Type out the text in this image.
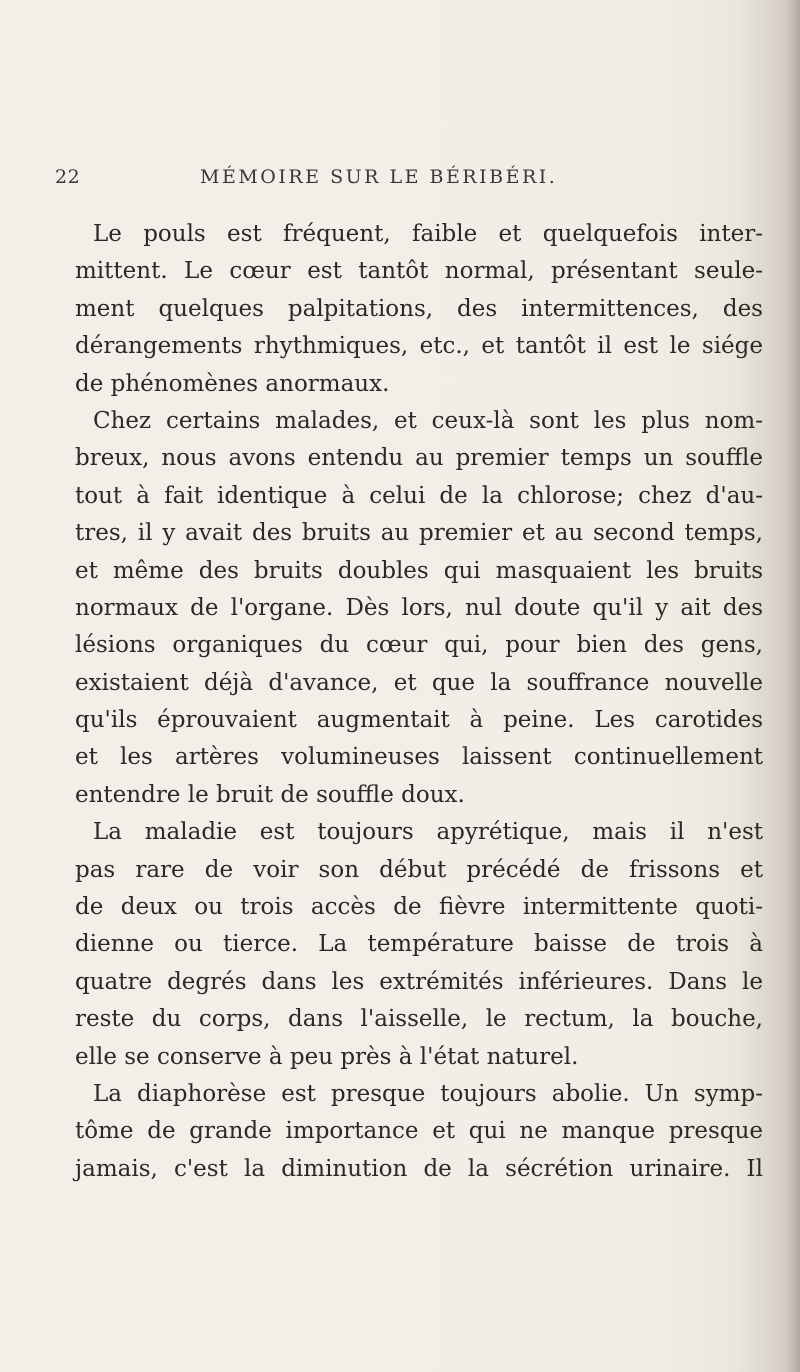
22	MÉMOIRE SUR LE BÉRIBÉRI.
Le pouls est fréquent, faible et quelquefois inter-
mittent. Le cœur est tantôt normal, présentant seule-
ment quelques palpitations, des intermittences, des
dérangements rhythmiques, etc., et tantôt il est le siége
de phénomènes anormaux.
Chez certains malades, et ceux-là sont les plus nom-
breux, nous avons entendu au premier temps un souffle
tout à fait identique à celui de la chlorose; chez d'au-
tres, il y avait des bruits au premier et au second temps,
et même des bruits doubles qui masquaient les bruits
normaux de l'organe. Dès lors, nul doute qu'il y ait des
lésions organiques du cœur qui, pour bien des gens,
existaient déjà d'avance, et que la souffrance nouvelle
qu'ils éprouvaient augmentait à peine. Les carotides
et les artères volumineuses laissent continuellement
entendre le bruit de souffle doux.
La maladie est toujours apyrétique, mais il n'est
pas rare de voir son début précédé de frissons et
de deux ou trois accès de fièvre intermittente quoti-
dienne ou tierce. La température baisse de trois à
quatre degrés dans les extrémités inférieures. Dans le
reste du corps, dans l'aisselle, le rectum, la bouche,
elle se conserve à peu près à l'état naturel.
La diaphorèse est presque toujours abolie. Un symp-
tôme de grande importance et qui ne manque presque
jamais, c'est la diminution de la sécrétion urinaire. Il
